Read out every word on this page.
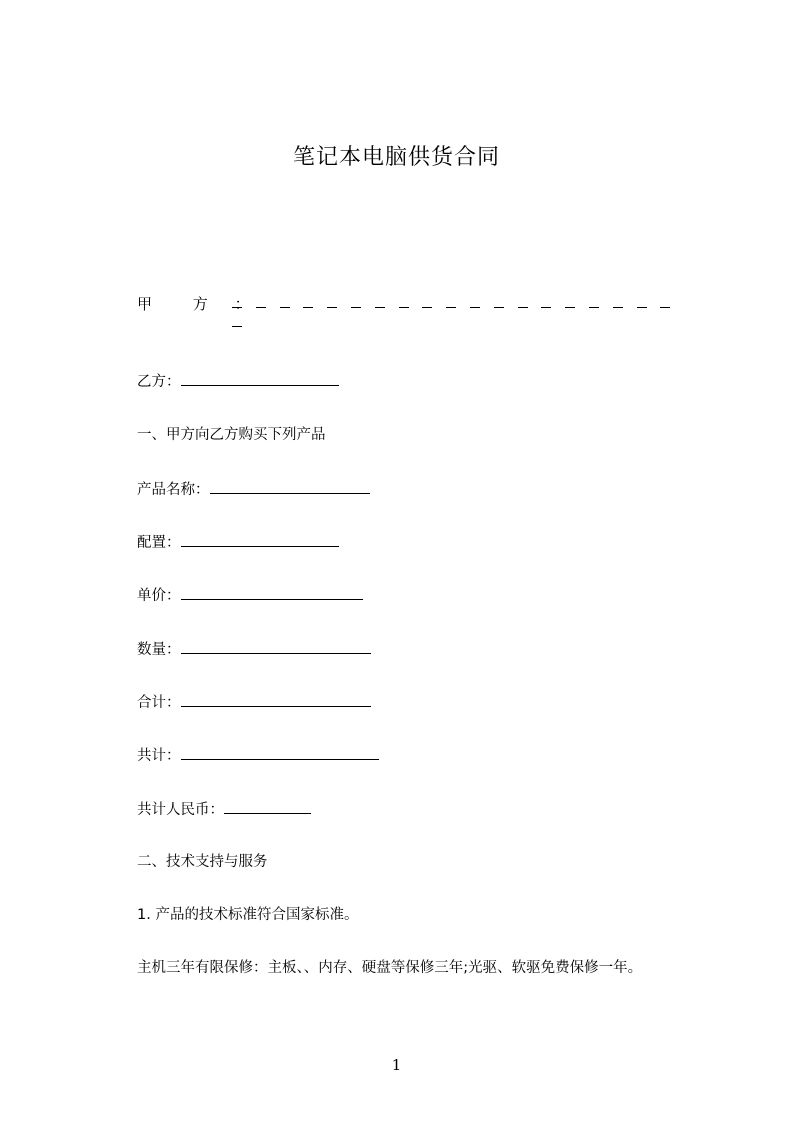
笔记本电脑供货合同
甲 方 ：
乙方：
一、甲方向乙方购买下列产品
产品名称：
配置：
单价：
数量：
合计：
共计：
共计人民币：
二、技术支持与服务
1. 产品的技术标准符合国家标准。
主机三年有限保修：主板、、内存、硬盘等保修三年;光驱、软驱免费保修一年。
1
